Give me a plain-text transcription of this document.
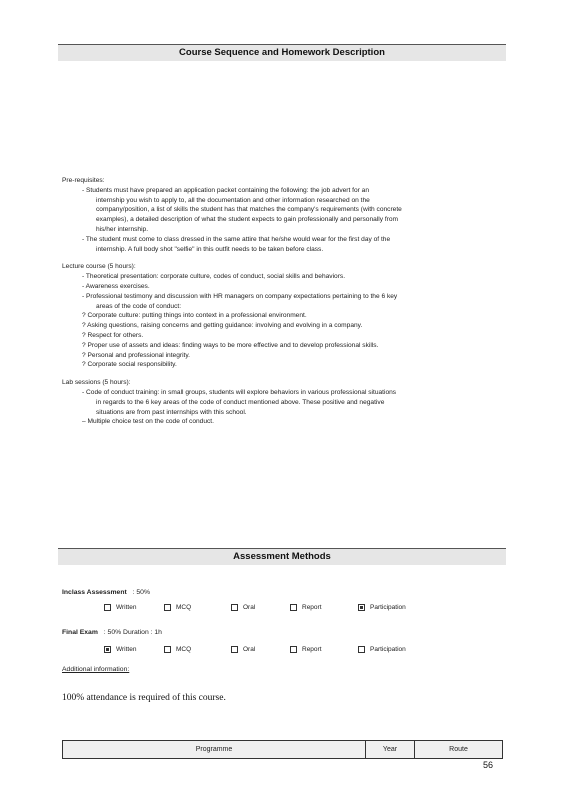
Course Sequence and Homework Description
Pre-requisites:
- Students must have prepared an application packet containing the following: the job advert for an
internship you wish to apply to, all the documentation and other information researched on the
company/position, a list of skills the student has that matches the company's requirements (with concrete
examples), a detailed description of what the student expects to gain professionally and personally from
his/her internship.
- The student must come to class dressed in the same attire that he/she would wear for the first day of the
internship. A full body shot "selfie" in this outfit needs to be taken before class.
Lecture course (5 hours):
- Theoretical presentation: corporate culture, codes of conduct, social skills and behaviors.
- Awareness exercises.
- Professional testimony and discussion with HR managers on company expectations pertaining to the 6 key
areas of the code of conduct:
? Corporate culture: putting things into context in a professional environment.
? Asking questions, raising concerns and getting guidance: involving and evolving in a company.
? Respect for others.
? Proper use of assets and ideas: finding ways to be more effective and to develop professional skills.
? Personal and professional integrity.
? Corporate social responsibility.
Lab sessions (5 hours):
- Code of conduct training: in small groups, students will explore behaviors in various professional situations
in regards to the 6 key areas of the code of conduct mentioned above. These positive and negative
situations are from past internships with this school.
– Multiple choice test on the code of conduct.
Assessment Methods
Inclass Assessment : 50%
Written	MCQ	Oral	Report	Participation
Final Exam : 50% Duration : 1h
Written	MCQ	Oral	Report	Participation
Additional information:
100% attendance is required of this course.
Programme	Year	Route
56
